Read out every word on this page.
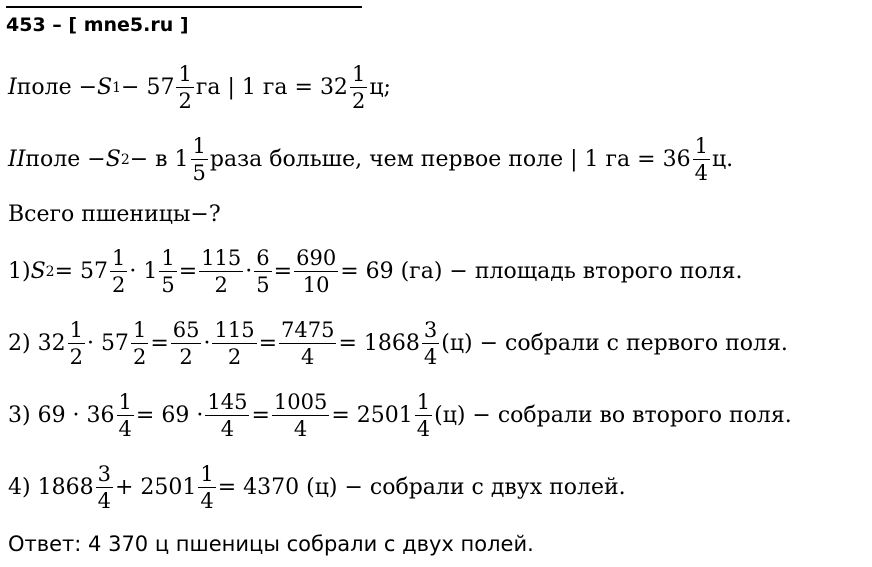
453 – [ mne5.ru ]
I поле − S $1 - 57 \frac{1}{2}$ га | 1 га = $32 \frac{1}{2} ц$;
II поле − S 2 − в $1 \frac{1}{5}$ раза больше, чем первое поле | 1 га = $36 \frac{1}{4} ц$.
Всего пшеницы−?
1) S $2 = 57 \frac{1}{2} \cdot 1 \frac{1}{5} = \frac{115}{2} \cdot \frac{6}{5} = \frac{690}{10} = 69$ (га) − площадь второго поля.
2) $32 \frac{1}{2} \cdot 57 \frac{1}{2} = \frac{65}{2} \cdot \frac{115}{2} = \frac{7475}{4} = 1868 \frac{3}{4} (ц)$ − собрали с первого поля.
3) $69 \cdot 36 \frac{1}{4} = 69 \cdot \frac{145}{4} = \frac{1005}{4} = 2501 \frac{1}{4} (ц)$ − собрали во второго поля.
4) $1868 \frac{3}{4} + 2501 \frac{1}{4} = 4370$ (ц) − собрали с двух полей.
Ответ: 4 370 ц пшеницы собрали с двух полей.
